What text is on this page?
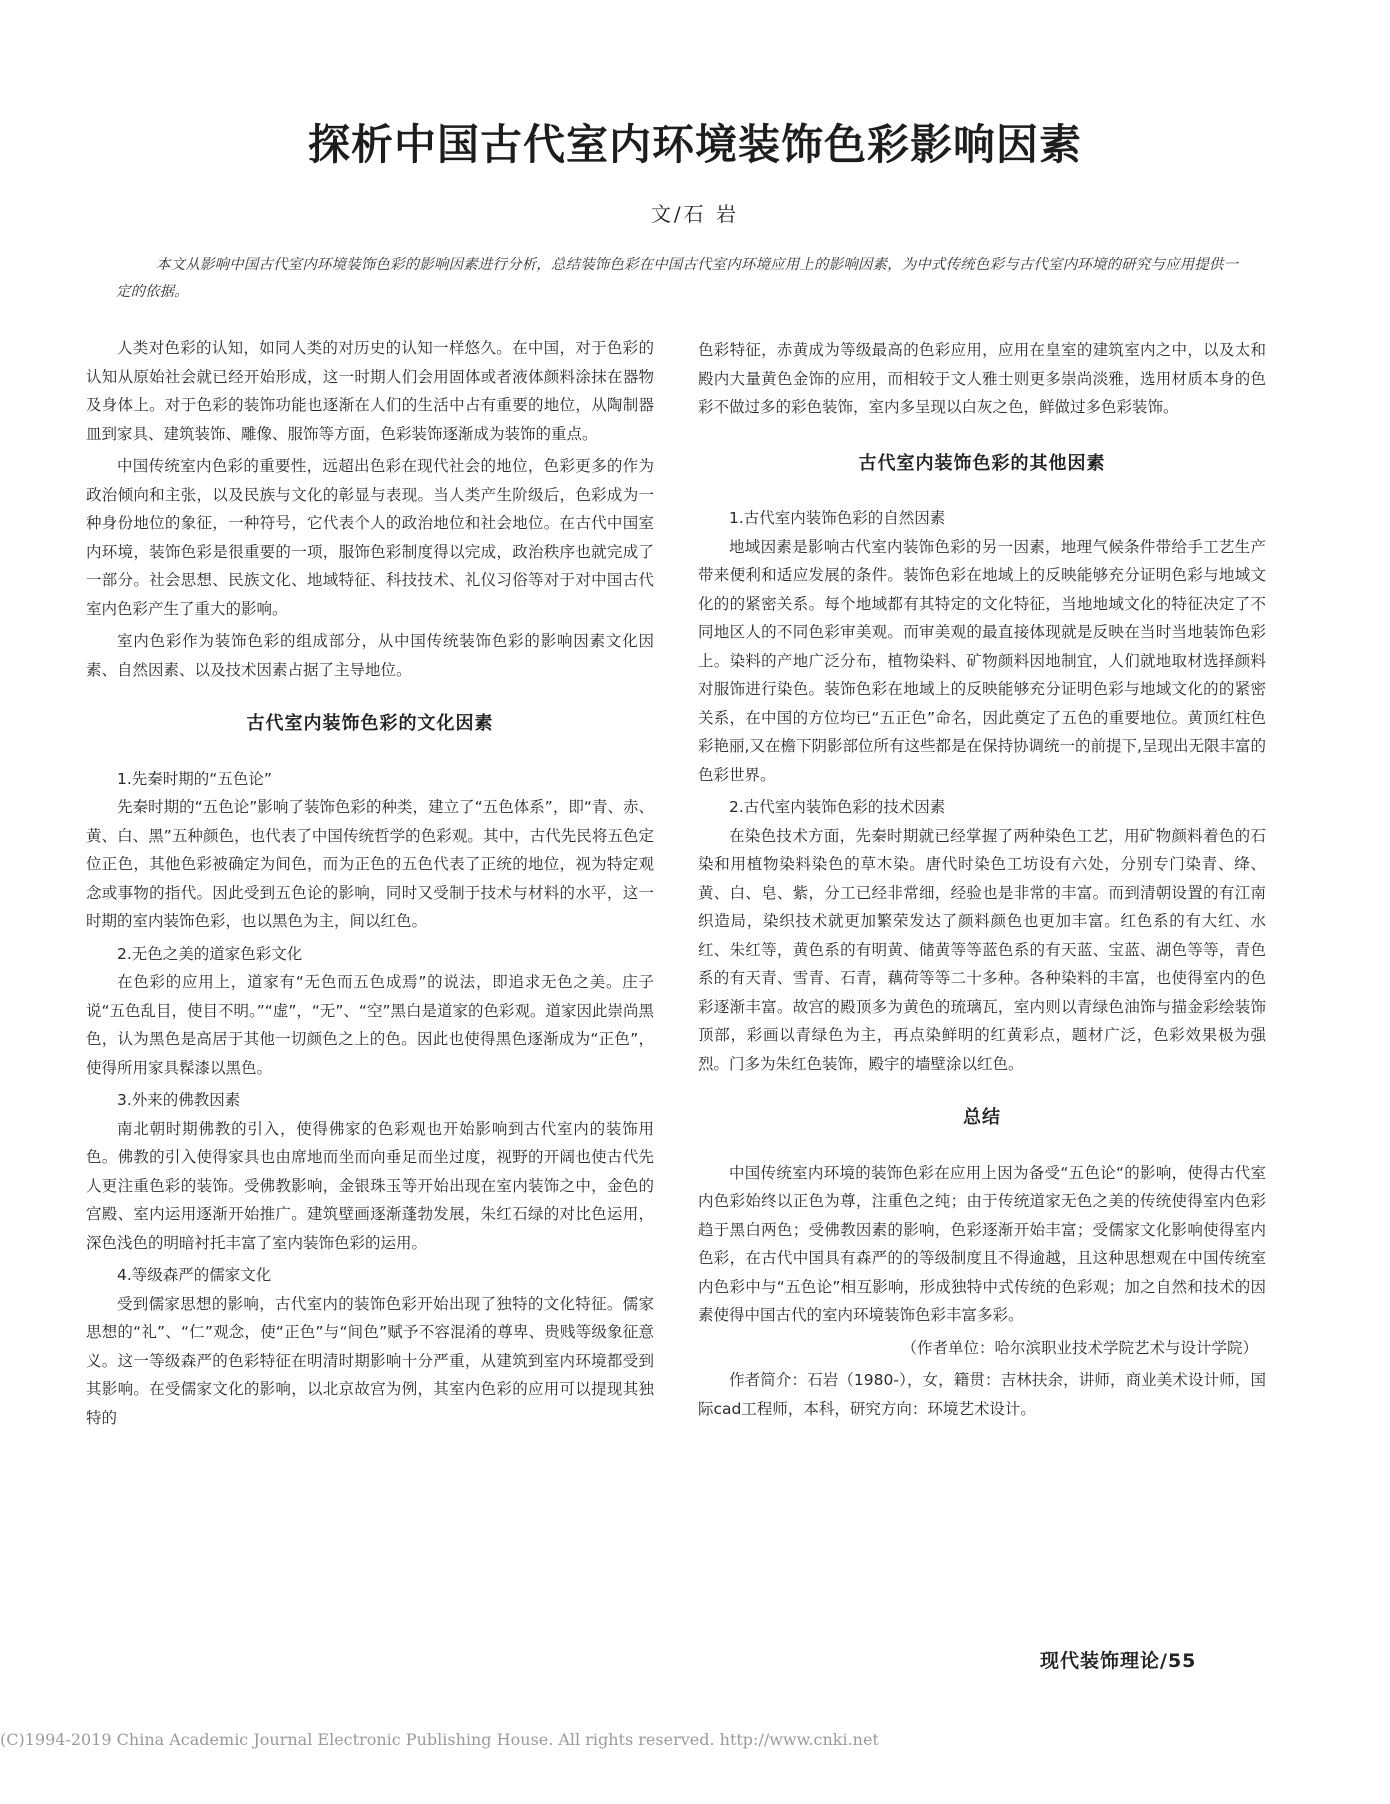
探析中国古代室内环境装饰色彩影响因素
文/石 岩

本文从影响中国古代室内环境装饰色彩的影响因素进行分析，总结装饰色彩在中国古代室内环境应用上的影响因素，为中式传统色彩与古代室内环境的研究与应用提供一定的依据。

人类对色彩的认知，如同人类的对历史的认知一样悠久。在中国，对于色彩的认知从原始社会就已经开始形成，这一时期人们会用固体或者液体颜料涂抹在器物及身体上。对于色彩的装饰功能也逐渐在人们的生活中占有重要的地位，从陶制器皿到家具、建筑装饰、雕像、服饰等方面，色彩装饰逐渐成为装饰的重点。

中国传统室内色彩的重要性，远超出色彩在现代社会的地位，色彩更多的作为政治倾向和主张，以及民族与文化的彰显与表现。当人类产生阶级后，色彩成为一种身份地位的象征，一种符号，它代表个人的政治地位和社会地位。在古代中国室内环境，装饰色彩是很重要的一项，服饰色彩制度得以完成，政治秩序也就完成了一部分。社会思想、民族文化、地域特征、科技技术、礼仪习俗等对于对中国古代室内色彩产生了重大的影响。

室内色彩作为装饰色彩的组成部分，从中国传统装饰色彩的影响因素文化因素、自然因素、以及技术因素占据了主导地位。

古代室内装饰色彩的文化因素

1.先秦时期的“五色论”

先秦时期的“五色论”影响了装饰色彩的种类，建立了“五色体系”，即“青、赤、黄、白、黑”五种颜色，也代表了中国传统哲学的色彩观。其中，古代先民将五色定位正色，其他色彩被确定为间色，而为正色的五色代表了正统的地位，视为特定观念或事物的指代。因此受到五色论的影响，同时又受制于技术与材料的水平，这一时期的室内装饰色彩，也以黑色为主，间以红色。

2.无色之美的道家色彩文化

在色彩的应用上，道家有“无色而五色成焉”的说法，即追求无色之美。庄子说“五色乱目，使目不明。”“虚”，“无”、“空”黑白是道家的色彩观。道家因此崇尚黑色，认为黑色是高居于其他一切颜色之上的色。因此也使得黑色逐渐成为“正色”，使得所用家具髹漆以黑色。

3.外来的佛教因素

南北朝时期佛教的引入，使得佛家的色彩观也开始影响到古代室内的装饰用色。佛教的引入使得家具也由席地而坐而向垂足而坐过度，视野的开阔也使古代先人更注重色彩的装饰。受佛教影响，金银珠玉等开始出现在室内装饰之中，金色的宫殿、室内运用逐渐开始推广。建筑壁画逐渐蓬勃发展，朱红石绿的对比色运用，深色浅色的明暗衬托丰富了室内装饰色彩的运用。

4.等级森严的儒家文化

受到儒家思想的影响，古代室内的装饰色彩开始出现了独特的文化特征。儒家思想的“礼”、“仁”观念，使“正色”与“间色”赋予不容混淆的尊卑、贵贱等级象征意义。这一等级森严的色彩特征在明清时期影响十分严重，从建筑到室内环境都受到其影响。在受儒家文化的影响，以北京故宫为例，其室内色彩的应用可以提现其独特的

色彩特征，赤黄成为等级最高的色彩应用，应用在皇室的建筑室内之中，以及太和殿内大量黄色金饰的应用，而相较于文人雅士则更多崇尚淡雅，选用材质本身的色彩不做过多的彩色装饰，室内多呈现以白灰之色，鲜做过多色彩装饰。

古代室内装饰色彩的其他因素

1.古代室内装饰色彩的自然因素

地域因素是影响古代室内装饰色彩的另一因素，地理气候条件带给手工艺生产带来便利和适应发展的条件。装饰色彩在地域上的反映能够充分证明色彩与地域文化的的紧密关系。每个地域都有其特定的文化特征，当地地域文化的特征决定了不同地区人的不同色彩审美观。而审美观的最直接体现就是反映在当时当地装饰色彩上。染料的产地广泛分布，植物染料、矿物颜料因地制宜，人们就地取材选择颜料对服饰进行染色。装饰色彩在地域上的反映能够充分证明色彩与地域文化的的紧密关系，在中国的方位均已“五正色”命名，因此奠定了五色的重要地位。黄顶红柱色彩艳丽,又在檐下阴影部位所有这些都是在保持协调统一的前提下,呈现出无限丰富的色彩世界。

2.古代室内装饰色彩的技术因素

在染色技术方面，先秦时期就已经掌握了两种染色工艺，用矿物颜料着色的石染和用植物染料染色的草木染。唐代时染色工坊设有六处，分别专门染青、绛、黄、白、皂、紫，分工已经非常细，经验也是非常的丰富。而到清朝设置的有江南织造局，染织技术就更加繁荣发达了颜料颜色也更加丰富。红色系的有大红、水红、朱红等，黄色系的有明黄、储黄等等蓝色系的有天蓝、宝蓝、湖色等等，青色系的有天青、雪青、石青，藕荷等等二十多种。各种染料的丰富，也使得室内的色彩逐渐丰富。故宫的殿顶多为黄色的琉璃瓦，室内则以青绿色油饰与描金彩绘装饰顶部，彩画以青绿色为主，再点染鲜明的红黄彩点，题材广泛，色彩效果极为强烈。门多为朱红色装饰，殿宇的墙壁涂以红色。

总结

中国传统室内环境的装饰色彩在应用上因为备受“五色论“的影响，使得古代室内色彩始终以正色为尊，注重色之纯；由于传统道家无色之美的传统使得室内色彩趋于黑白两色；受佛教因素的影响，色彩逐渐开始丰富；受儒家文化影响使得室内色彩，在古代中国具有森严的的等级制度且不得逾越，且这种思想观在中国传统室内色彩中与“五色论”相互影响，形成独特中式传统的色彩观；加之自然和技术的因素使得中国古代的室内环境装饰色彩丰富多彩。

（作者单位：哈尔滨职业技术学院艺术与设计学院）

作者简介：石岩（1980-），女，籍贯：吉林扶余，讲师，商业美术设计师，国际cad工程师，本科，研究方向：环境艺术设计。

现代装饰理论/55
(C)1994-2019 China Academic Journal Electronic Publishing House. All rights reserved. http://www.cnki.net
